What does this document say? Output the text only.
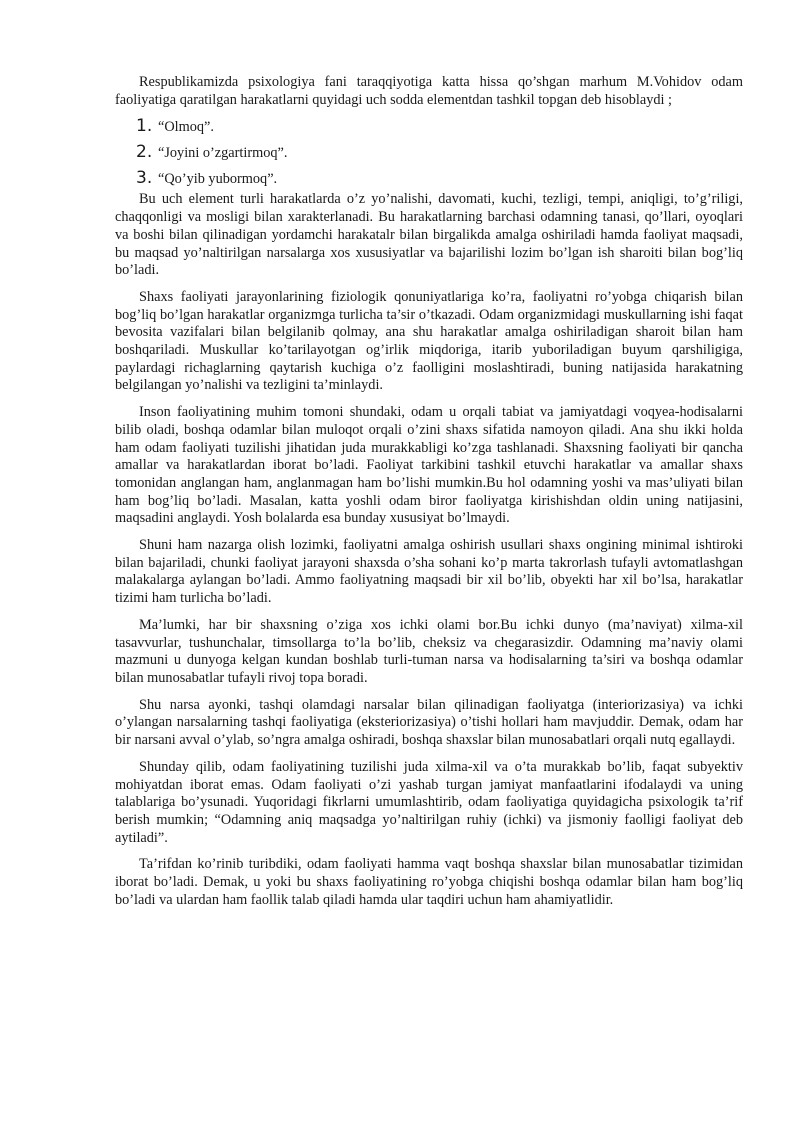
Respublikamizda psixologiya fani taraqqiyotiga katta hissa qo’shgan marhum M.Vohidov odam faoliyatiga qaratilgan harakatlarni quyidagi uch sodda elementdan tashkil topgan deb hisoblaydi ;

1. “Olmoq”.
2. “Joyini o’zgartirmoq”.
3. “Qo’yib yubormoq”.

Bu uch element turli harakatlarda o’z yo’nalishi, davomati, kuchi, tezligi, tempi, aniqligi, to’g’riligi, chaqqonligi va mosligi bilan xarakterlanadi. Bu harakatlarning barchasi odamning tanasi, qo’llari, oyoqlari va boshi bilan qilinadigan yordamchi harakatalr bilan birgalikda amalga oshiriladi hamda faoliyat maqsadi, bu maqsad yo’naltirilgan narsalarga xos xususiyatlar va bajarilishi lozim bo’lgan ish sharoiti bilan bog’liq bo’ladi.

Shaxs faoliyati jarayonlarining fiziologik qonuniyatlariga ko’ra, faoliyatni ro’yobga chiqarish bilan bog’liq bo’lgan harakatlar organizmga turlicha ta’sir o’tkazadi. Odam organizmidagi muskullarning ishi faqat bevosita vazifalari bilan belgilanib qolmay, ana shu harakatlar amalga oshiriladigan sharoit bilan ham boshqariladi. Muskullar ko’tarilayotgan og’irlik miqdoriga, itarib yuboriladigan buyum qarshiligiga, paylardagi richaglarning qaytarish kuchiga o’z faolligini moslashtiradi, buning natijasida harakatning belgilangan yo’nalishi va tezligini ta’minlaydi.

Inson faoliyatining muhim tomoni shundaki, odam u orqali tabiat va jamiyatdagi voqyea-hodisalarni bilib oladi, boshqa odamlar bilan muloqot orqali o’zini shaxs sifatida namoyon qiladi. Ana shu ikki holda ham odam faoliyati tuzilishi jihatidan juda murakkabligi ko’zga tashlanadi. Shaxsning faoliyati bir qancha amallar va harakatlardan iborat bo’ladi. Faoliyat tarkibini tashkil etuvchi harakatlar va amallar shaxs tomonidan anglangan ham, anglanmagan ham bo’lishi mumkin.Bu hol odamning yoshi va mas’uliyati bilan ham bog’liq bo’ladi. Masalan, katta yoshli odam biror faoliyatga kirishishdan oldin uning natijasini, maqsadini anglaydi. Yosh bolalarda esa bunday xususiyat bo’lmaydi.

Shuni ham nazarga olish lozimki, faoliyatni amalga oshirish usullari shaxs ongining minimal ishtiroki bilan bajariladi, chunki faoliyat jarayoni shaxsda o’sha sohani ko’p marta takrorlash tufayli avtomatlashgan malakalarga aylangan bo’ladi. Ammo faoliyatning maqsadi bir xil bo’lib, obyekti har xil bo’lsa, harakatlar tizimi ham turlicha bo’ladi.

Ma’lumki, har bir shaxsning o’ziga xos ichki olami bor.Bu ichki dunyo (ma’naviyat) xilma-xil tasavvurlar, tushunchalar, timsollarga to’la bo’lib, cheksiz va chegarasizdir. Odamning ma’naviy olami mazmuni u dunyoga kelgan kundan boshlab turli-tuman narsa va hodisalarning ta’siri va boshqa odamlar bilan munosabatlar tufayli rivoj topa boradi.

Shu narsa ayonki, tashqi olamdagi narsalar bilan qilinadigan faoliyatga (interiorizasiya) va ichki o’ylangan narsalarning tashqi faoliyatiga (eksteriorizasiya) o’tishi hollari ham mavjuddir. Demak, odam har bir narsani avval o’ylab, so’ngra amalga oshiradi, boshqa shaxslar bilan munosabatlari orqali nutq egallaydi.

Shunday qilib, odam faoliyatining tuzilishi juda xilma-xil va o’ta murakkab bo’lib, faqat subyektiv mohiyatdan iborat emas. Odam faoliyati o’zi yashab turgan jamiyat manfaatlarini ifodalaydi va uning talablariga bo’ysunadi. Yuqoridagi fikrlarni umumlashtirib, odam faoliyatiga quyidagicha psixologik ta’rif berish mumkin; “Odamning aniq maqsadga yo’naltirilgan ruhiy (ichki) va jismoniy faolligi faoliyat deb aytiladi”.

Ta’rifdan ko’rinib turibdiki, odam faoliyati hamma vaqt boshqa shaxslar bilan munosabatlar tizimidan iborat bo’ladi. Demak, u yoki bu shaxs faoliyatining ro’yobga chiqishi boshqa odamlar bilan ham bog’liq bo’ladi va ulardan ham faollik talab qiladi hamda ular taqdiri uchun ham ahamiyatlidir.
